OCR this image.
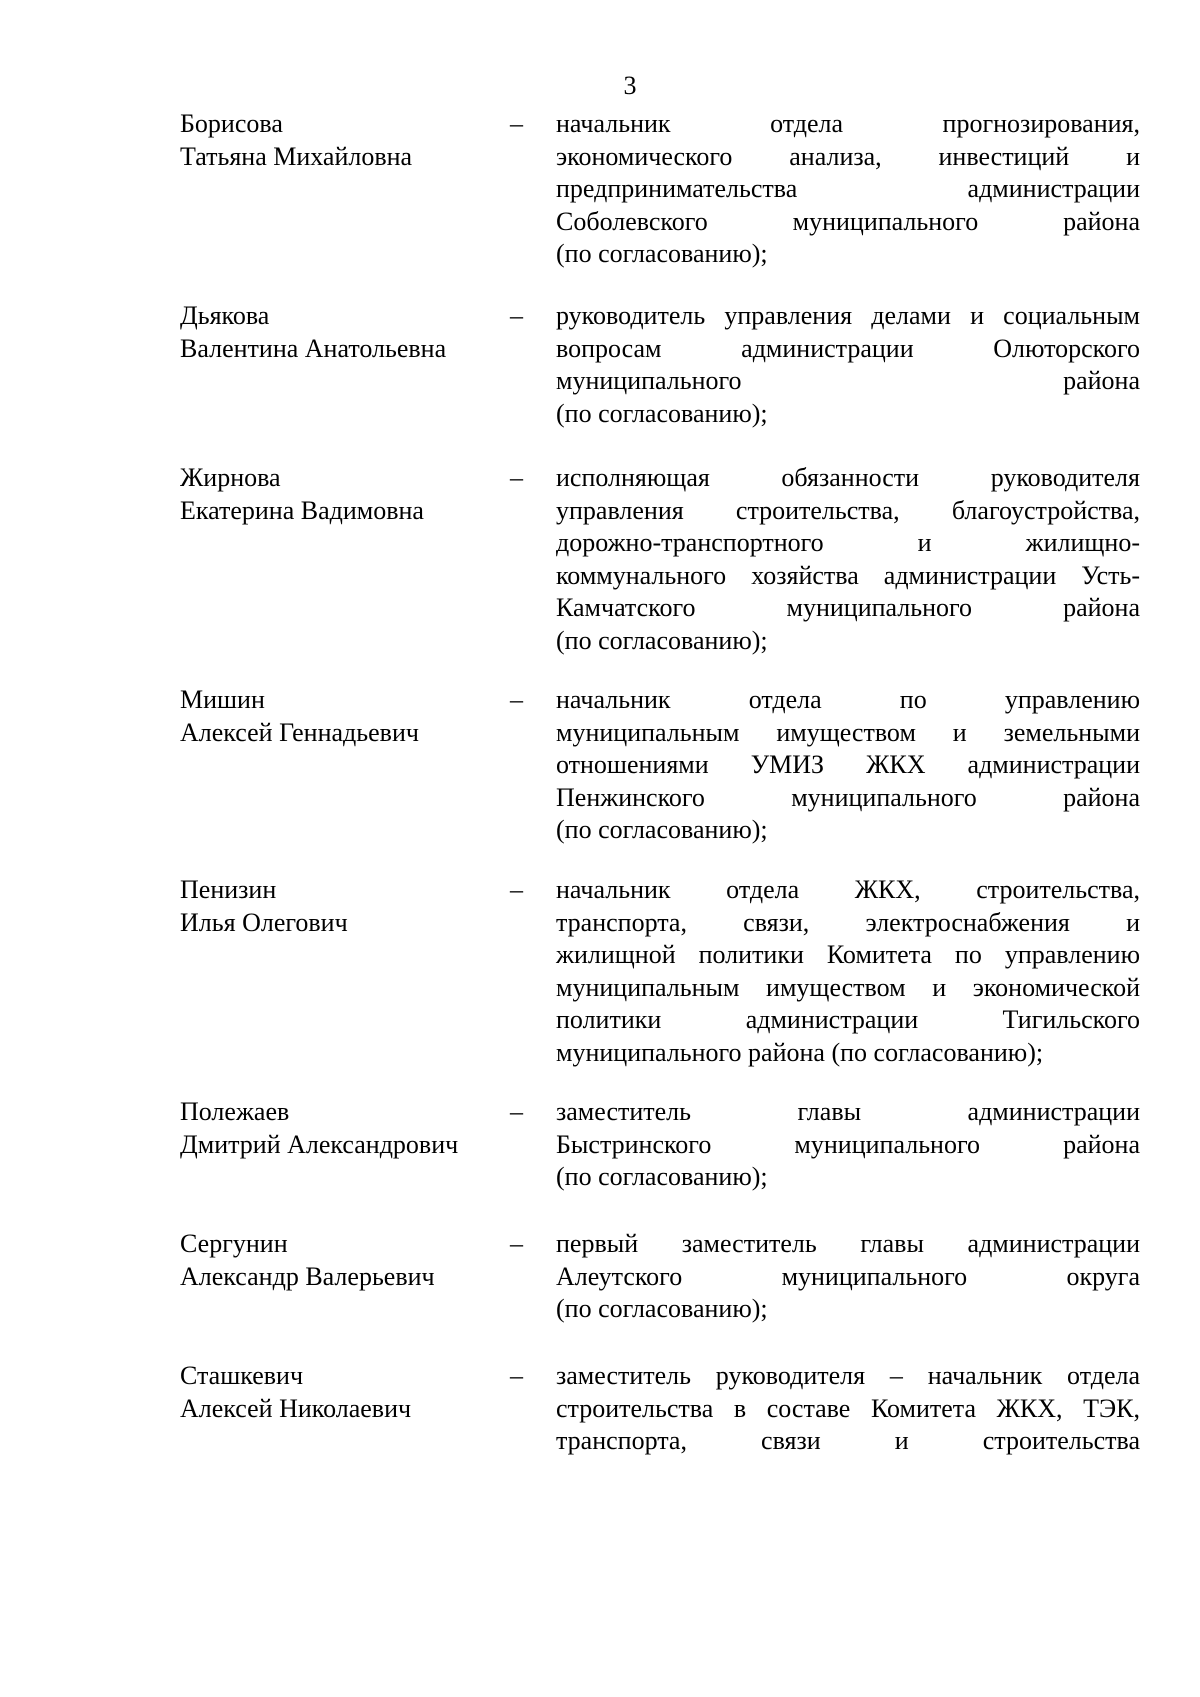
3
Борисова
Татьяна Михайловна
–	начальник отдела прогнозирования,
экономического анализа, инвестиций и
предпринимательства администрации
Соболевского муниципального района
(по согласованию);
Дьякова
Валентина Анатольевна
–	руководитель управления делами и социальным
вопросам администрации Олюторского
муниципального района
(по согласованию);
Жирнова
Екатерина Вадимовна
–	исполняющая обязанности руководителя
управления строительства, благоустройства,
дорожно-транспортного и жилищно-
коммунального хозяйства администрации Усть-
Камчатского муниципального района
(по согласованию);
Мишин
Алексей Геннадьевич
–	начальник отдела по управлению
муниципальным имуществом и земельными
отношениями УМИЗ ЖКХ администрации
Пенжинского муниципального района
(по согласованию);
Пенизин
Илья Олегович
–	начальник отдела ЖКХ, строительства,
транспорта, связи, электроснабжения и
жилищной политики Комитета по управлению
муниципальным имуществом и экономической
политики администрации Тигильского
муниципального района (по согласованию);
Полежаев
Дмитрий Александрович
–	заместитель главы администрации
Быстринского муниципального района
(по согласованию);
Сергунин
Александр Валерьевич
–	первый заместитель главы администрации
Алеутского муниципального округа
(по согласованию);
Сташкевич
Алексей Николаевич
–	заместитель руководителя – начальник отдела
строительства в составе Комитета ЖКХ, ТЭК,
транспорта, связи и строительства
